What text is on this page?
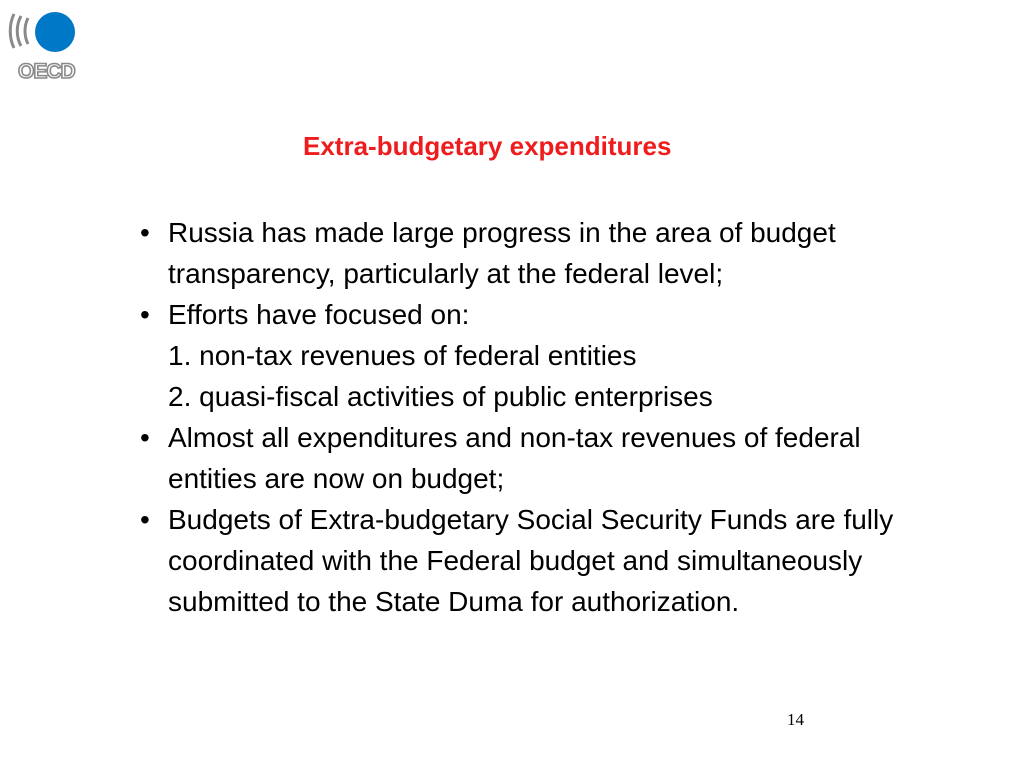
OECD
Extra-budgetary expenditures
• Russia has made large progress in the area of budget transparency, particularly at the federal level;
• Efforts have focused on:
1. non-tax revenues of federal entities
2. quasi-fiscal activities of public enterprises
• Almost all expenditures and non-tax revenues of federal entities are now on budget;
• Budgets of Extra-budgetary Social Security Funds are fully coordinated with the Federal budget and simultaneously submitted to the State Duma for authorization.
14
